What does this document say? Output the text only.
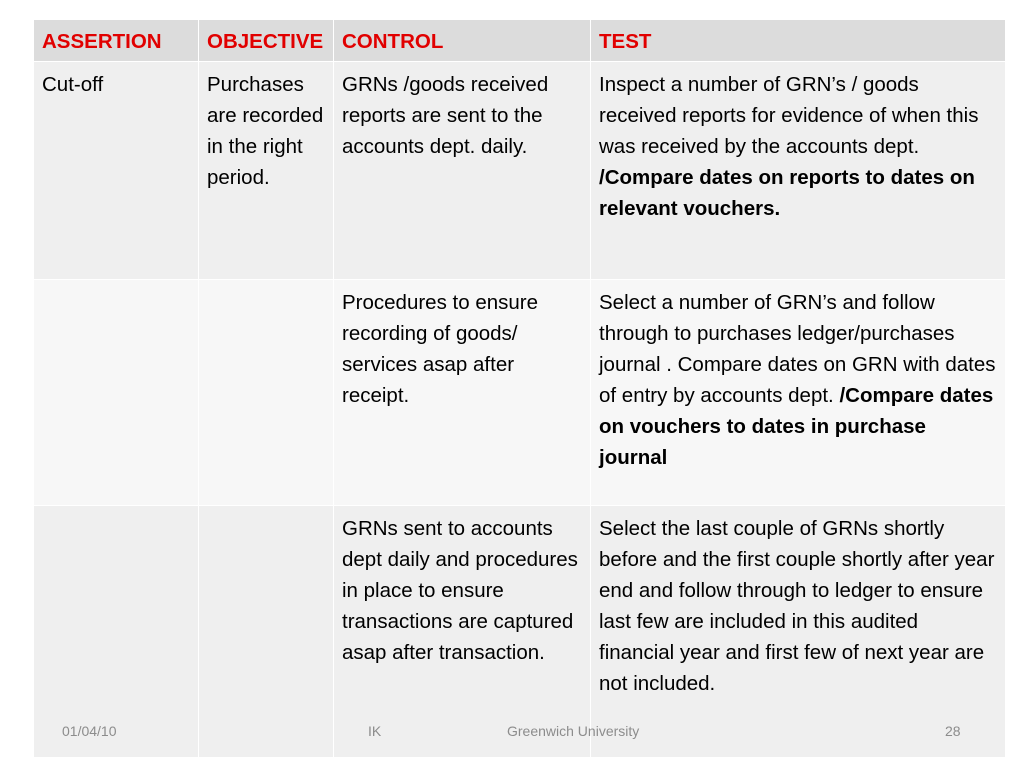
ASSERTION	OBJECTIVE	CONTROL	TEST
Cut-off	Purchases are recorded in the right period.	GRNs /goods received reports are sent to the accounts dept. daily.	Inspect a number of GRN’s / goods received reports for evidence of when this was received by the accounts dept.
/Compare dates on reports to dates on relevant vouchers.
		Procedures to ensure recording of goods/ services asap after receipt.	Select a number of GRN’s and follow through to purchases ledger/purchases journal . Compare dates on GRN with dates of entry by accounts dept. /Compare dates on vouchers to dates in purchase journal
		GRNs sent to accounts dept daily and procedures in place to ensure transactions are captured asap after transaction.	Select the last couple of GRNs shortly before and the first couple shortly after year end and follow through to ledger to ensure last few are included in this audited financial year and first few of next year are not included.
01/04/10	IK	Greenwich University	28
